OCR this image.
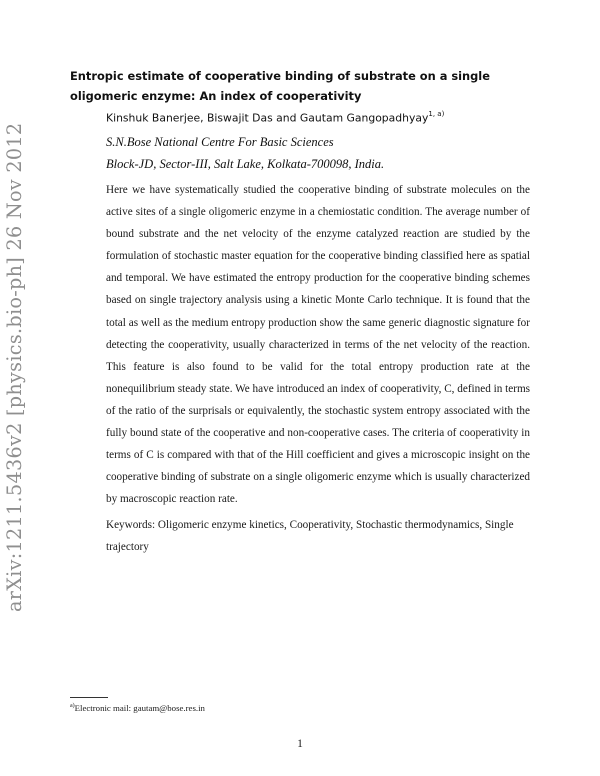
arXiv:1211.5436v2 [physics.bio-ph] 26 Nov 2012
Entropic estimate of cooperative binding of substrate on a single oligomeric enzyme: An index of cooperativity
Kinshuk Banerjee, Biswajit Das and Gautam Gangopadhyay$^{1, a)}$
S.N.Bose National Centre For Basic Sciences
Block-JD, Sector-III, Salt Lake, Kolkata-700098, India.

Here we have systematically studied the cooperative binding of substrate molecules on the active sites of a single oligomeric enzyme in a chemiostatic condition. The average number of bound substrate and the net velocity of the enzyme catalyzed reaction are studied by the formulation of stochastic master equation for the cooperative binding classified here as spatial and temporal. We have estimated the entropy production for the cooperative binding schemes based on single trajectory analysis using a kinetic Monte Carlo technique. It is found that the total as well as the medium entropy production show the same generic diagnostic signature for detecting the cooperativity, usually characterized in terms of the net velocity of the reaction. This feature is also found to be valid for the total entropy production rate at the nonequilibrium steady state. We have introduced an index of cooperativity, C, defined in terms of the ratio of the surprisals or equivalently, the stochastic system entropy associated with the fully bound state of the cooperative and non-cooperative cases. The criteria of cooperativity in terms of C is compared with that of the Hill coefficient and gives a microscopic insight on the cooperative binding of substrate on a single oligomeric enzyme which is usually characterized by macroscopic reaction rate.

Keywords: Oligomeric enzyme kinetics, Cooperativity, Stochastic thermodynamics, Single trajectory

$^{a)}$Electronic mail: gautam@bose.res.in
1
